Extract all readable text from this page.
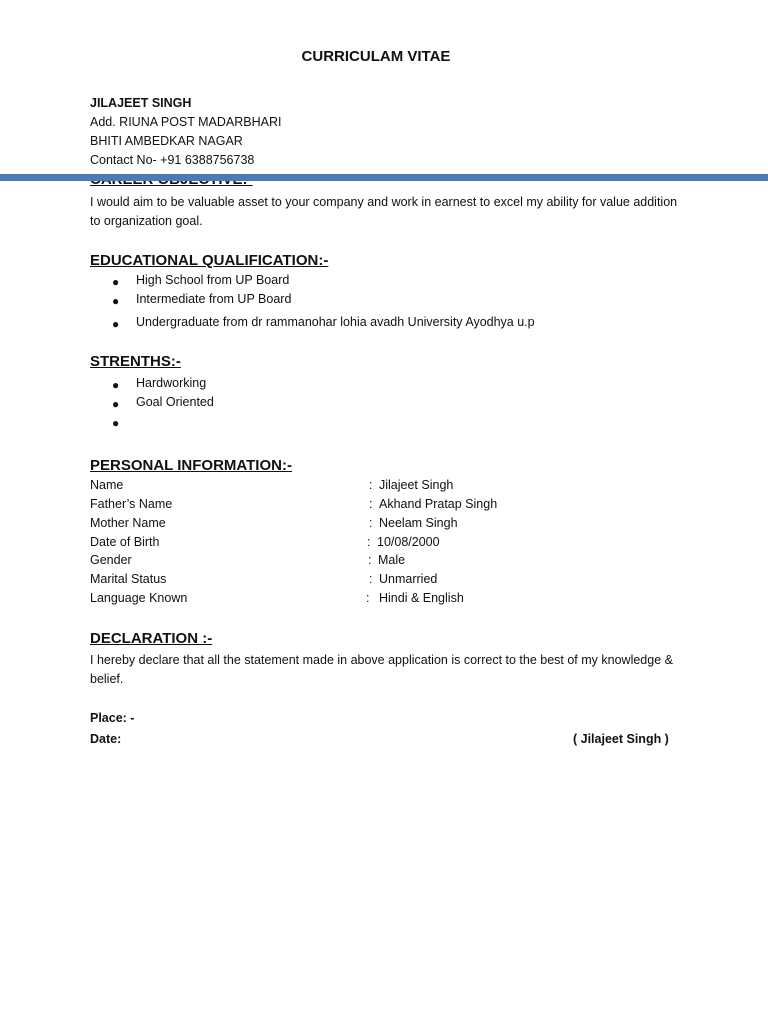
CURRICULAM VITAE
JILAJEET SINGH
Add. RIUNA POST MADARBHARI
BHITI AMBEDKAR NAGAR
Contact No- +91 6388756738
I would aim to be valuable asset to your company and work in earnest to excel my ability for value addition to organization goal.
EDUCATIONAL QUALIFICATION:-
● High School from UP Board
● Intermediate from UP Board
● Undergraduate from dr rammanohar lohia avadh University Ayodhya u.p
STRENTHS:-
● Hardworking
● Goal Oriented
●
PERSONAL INFORMATION:-
Name	: Jilajeet Singh
Father’s Name	: Akhand Pratap Singh
Mother Name	: Neelam Singh
Date of Birth	: 10/08/2000
Gender	: Male
Marital Status	: Unmarried
Language Known	: Hindi & English
DECLARATION :-
I hereby declare that all the statement made in above application is correct to the best of my knowledge & belief.
Place: -
Date:	( Jilajeet Singh )
